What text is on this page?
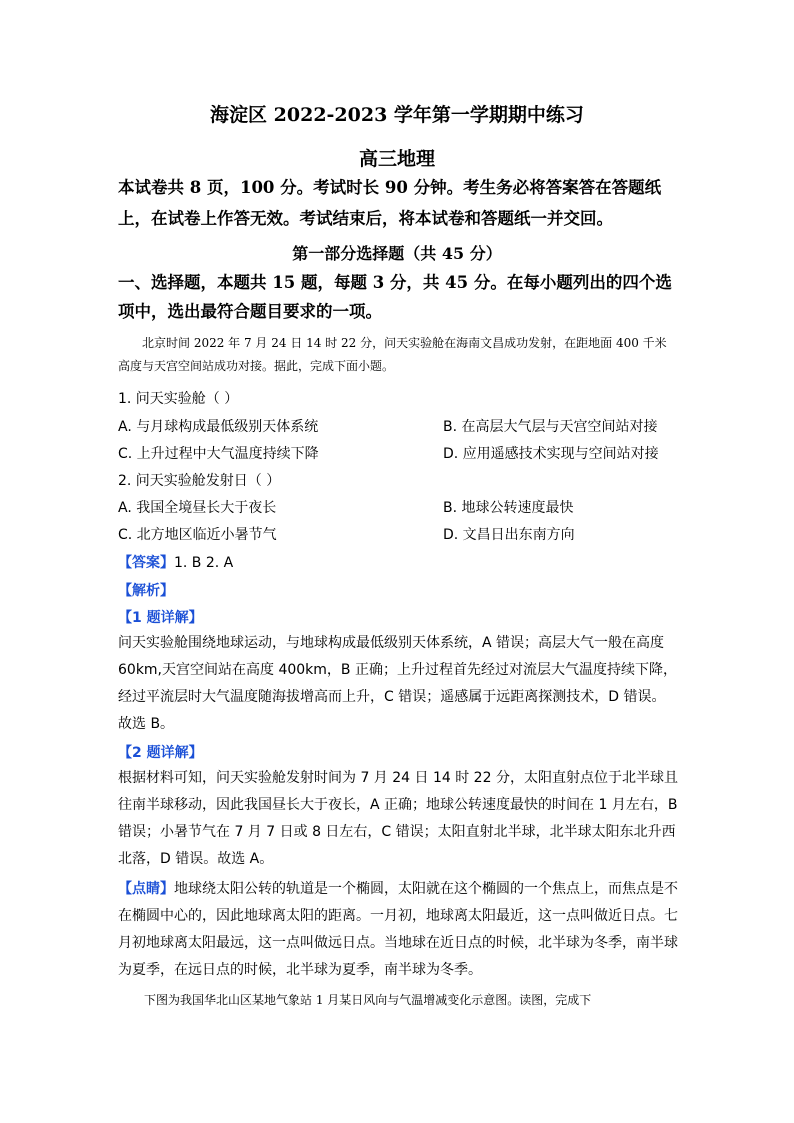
海淀区 2022-2023 学年第一学期期中练习
高三地理
本试卷共 8 页，100 分。考试时长 90 分钟。考生务必将答案答在答题纸上，在试卷上作答无效。考试结束后，将本试卷和答题纸一并交回。
第一部分选择题（共 45 分）
一、选择题，本题共 15 题，每题 3 分，共 45 分。在每小题列出的四个选项中，选出最符合题目要求的一项。
北京时间 2022 年 7 月 24 日 14 时 22 分，问天实验舱在海南文昌成功发射，在距地面 400 千米高度与天宫空间站成功对接。据此，完成下面小题。
1. 问天实验舱（ ）
A. 与月球构成最低级别天体系统	B. 在高层大气层与天宫空间站对接
C. 上升过程中大气温度持续下降	D. 应用遥感技术实现与空间站对接
2. 问天实验舱发射日（ ）
A. 我国全境昼长大于夜长	B. 地球公转速度最快
C. 北方地区临近小暑节气	D. 文昌日出东南方向
【答案】1. B 2. A
【解析】
【1 题详解】
问天实验舱围绕地球运动，与地球构成最低级别天体系统，A 错误；高层大气一般在高度 60km,天宫空间站在高度 400km，B 正确；上升过程首先经过对流层大气温度持续下降，经过平流层时大气温度随海拔增高而上升，C 错误；遥感属于远距离探测技术，D 错误。故选 B。
【2 题详解】
根据材料可知，问天实验舱发射时间为 7 月 24 日 14 时 22 分，太阳直射点位于北半球且往南半球移动，因此我国昼长大于夜长，A 正确；地球公转速度最快的时间在 1 月左右，B 错误；小暑节气在 7 月 7 日或 8 日左右，C 错误；太阳直射北半球，北半球太阳东北升西北落，D 错误。故选 A。
【点睛】地球绕太阳公转的轨道是一个椭圆，太阳就在这个椭圆的一个焦点上，而焦点是不在椭圆中心的，因此地球离太阳的距离。一月初，地球离太阳最近，这一点叫做近日点。七月初地球离太阳最远，这一点叫做远日点。当地球在近日点的时候，北半球为冬季，南半球为夏季，在远日点的时候，北半球为夏季，南半球为冬季。
下图为我国华北山区某地气象站 1 月某日风向与气温增减变化示意图。读图，完成下
